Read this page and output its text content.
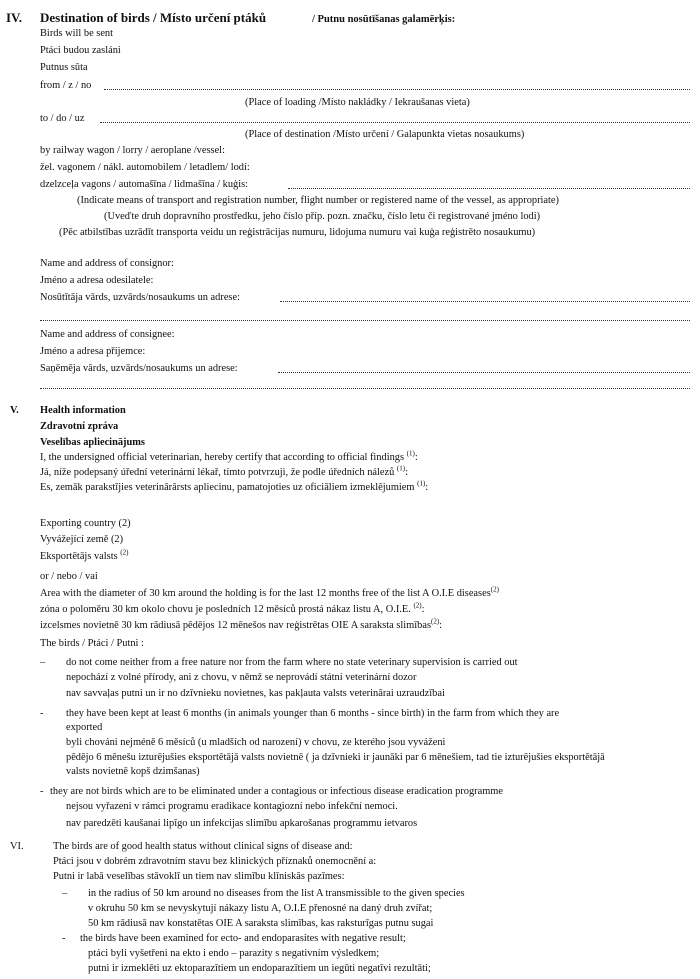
IV. Destination of birds / Místo určení ptáků	/ Putnu nosūtīšanas galamērķis:
Birds will be sent
Ptáci budou zasláni
Putnus sūta
from / z / no
(Place of loading /Místo nakládky / Iekraušanas vieta)
to / do / uz
(Place of destination /Místo určení / Galapunkta vietas nosaukums)
by railway wagon / lorry / aeroplane /vessel:
žel. vagonem / nákl. automobilem / letadlem/ lodí:
dzelzceļa vagons / automašīna / lidmašīna / kuģis:
(Indicate means of transport and registration number, flight number or registered name of the vessel, as appropriate)
(Uveďte druh dopravního prostředku, jeho číslo příp. pozn. značku, číslo letu či registrované jméno lodi)
(Pēc atbilstības uzrādīt transporta veidu un reģistrācijas numuru, lidojuma numuru vai kuģa reģistrēto nosaukumu)
Name and address of consignor:
Jméno a adresa odesilatele:
Nosūtītāja vārds, uzvārds/nosaukums un adrese:
Name and address of consignee:
Jméno a adresa příjemce:
Saņēmēja vārds, uzvārds/nosaukums un adrese:
V. Health information
Zdravotní zpráva
Veselības apliecinājums
I, the undersigned official veterinarian, hereby certify that according to official findings $^{(1)}$:
Já, níže podepsaný úřední veterinární lékař, tímto potvrzuji, že podle úředních nálezů $^{(1)}$:
Es, zemāk parakstījies veterinārārsts apliecinu, pamatojoties uz oficiāliem izmeklējumiem $^{(1)}$:
Exporting country (2)
Vyvážející země (2)
Eksportētājs valsts $^{(2)}$
or / nebo / vai
Area with the diameter of 30 km around the holding is for the last 12 months free of the list A O.I.E diseases$^{(2)}$
zóna o poloměru 30 km okolo chovu je posledních 12 měsíců prostá nákaz listu A, O.I.E. $^{(2)}$:
izcelsmes novietnē 30 km rādiusā pēdējos 12 mēnešos nav reģistrētas OIE A saraksta slimības$^{(2)}$:
The birds / Ptáci / Putni :
– do not come neither from a free nature nor from the farm where no state veterinary supervision is carried out
nepochází z volné přírody, ani z chovu, v němž se neprovádí státní veterinární dozor
nav savvaļas putni un ir no dzīvnieku novietnes, kas pakļauta valsts veterinārai uzraudzībai
- they have been kept at least 6 months (in animals younger than 6 months - since birth) in the farm from which they are
exported
byli chováni nejméně 6 měsíců (u mladších od narození) v chovu, ze kterého jsou vyváženi
pēdējo 6 mēnešu izturējušies eksportētājā valsts novietnē ( ja dzīvnieki ir jaunāki par 6 mēnešiem, tad tie izturējušies eksportētājā
valsts novietnē kopš dzimšanas)
- they are not birds which are to be eliminated under a contagious or infectious disease eradication programme
nejsou vyřazeni v rámci programu eradikace kontagiozní nebo infekční nemoci.
nav paredzēti kaušanai lipīgo un infekcijas slimību apkarošanas programmu ietvaros
VI.	The birds are of good health status without clinical signs of disease and:
Ptáci jsou v dobrém zdravotním stavu bez klinických příznaků onemocnění a:
Putni ir labā veselības stāvoklī un tiem nav slimību klīniskās pazīmes:
– in the radius of 50 km around no diseases from the list A transmissible to the given species
v okruhu 50 km se nevyskytují nákazy listu A, O.I.E přenosné na daný druh zvířat;
50 km rādiusā nav konstatētas OIE A saraksta slimības, kas raksturīgas putnu sugai
- the birds have been examined for ecto- and endoparasites with negative result;
ptáci byli vyšetřeni na ekto i endo – parazity s negativním výsledkem;
putni ir izmeklēti uz ektoparazītiem un endoparazītiem un iegūti negatīvi rezultāti;
